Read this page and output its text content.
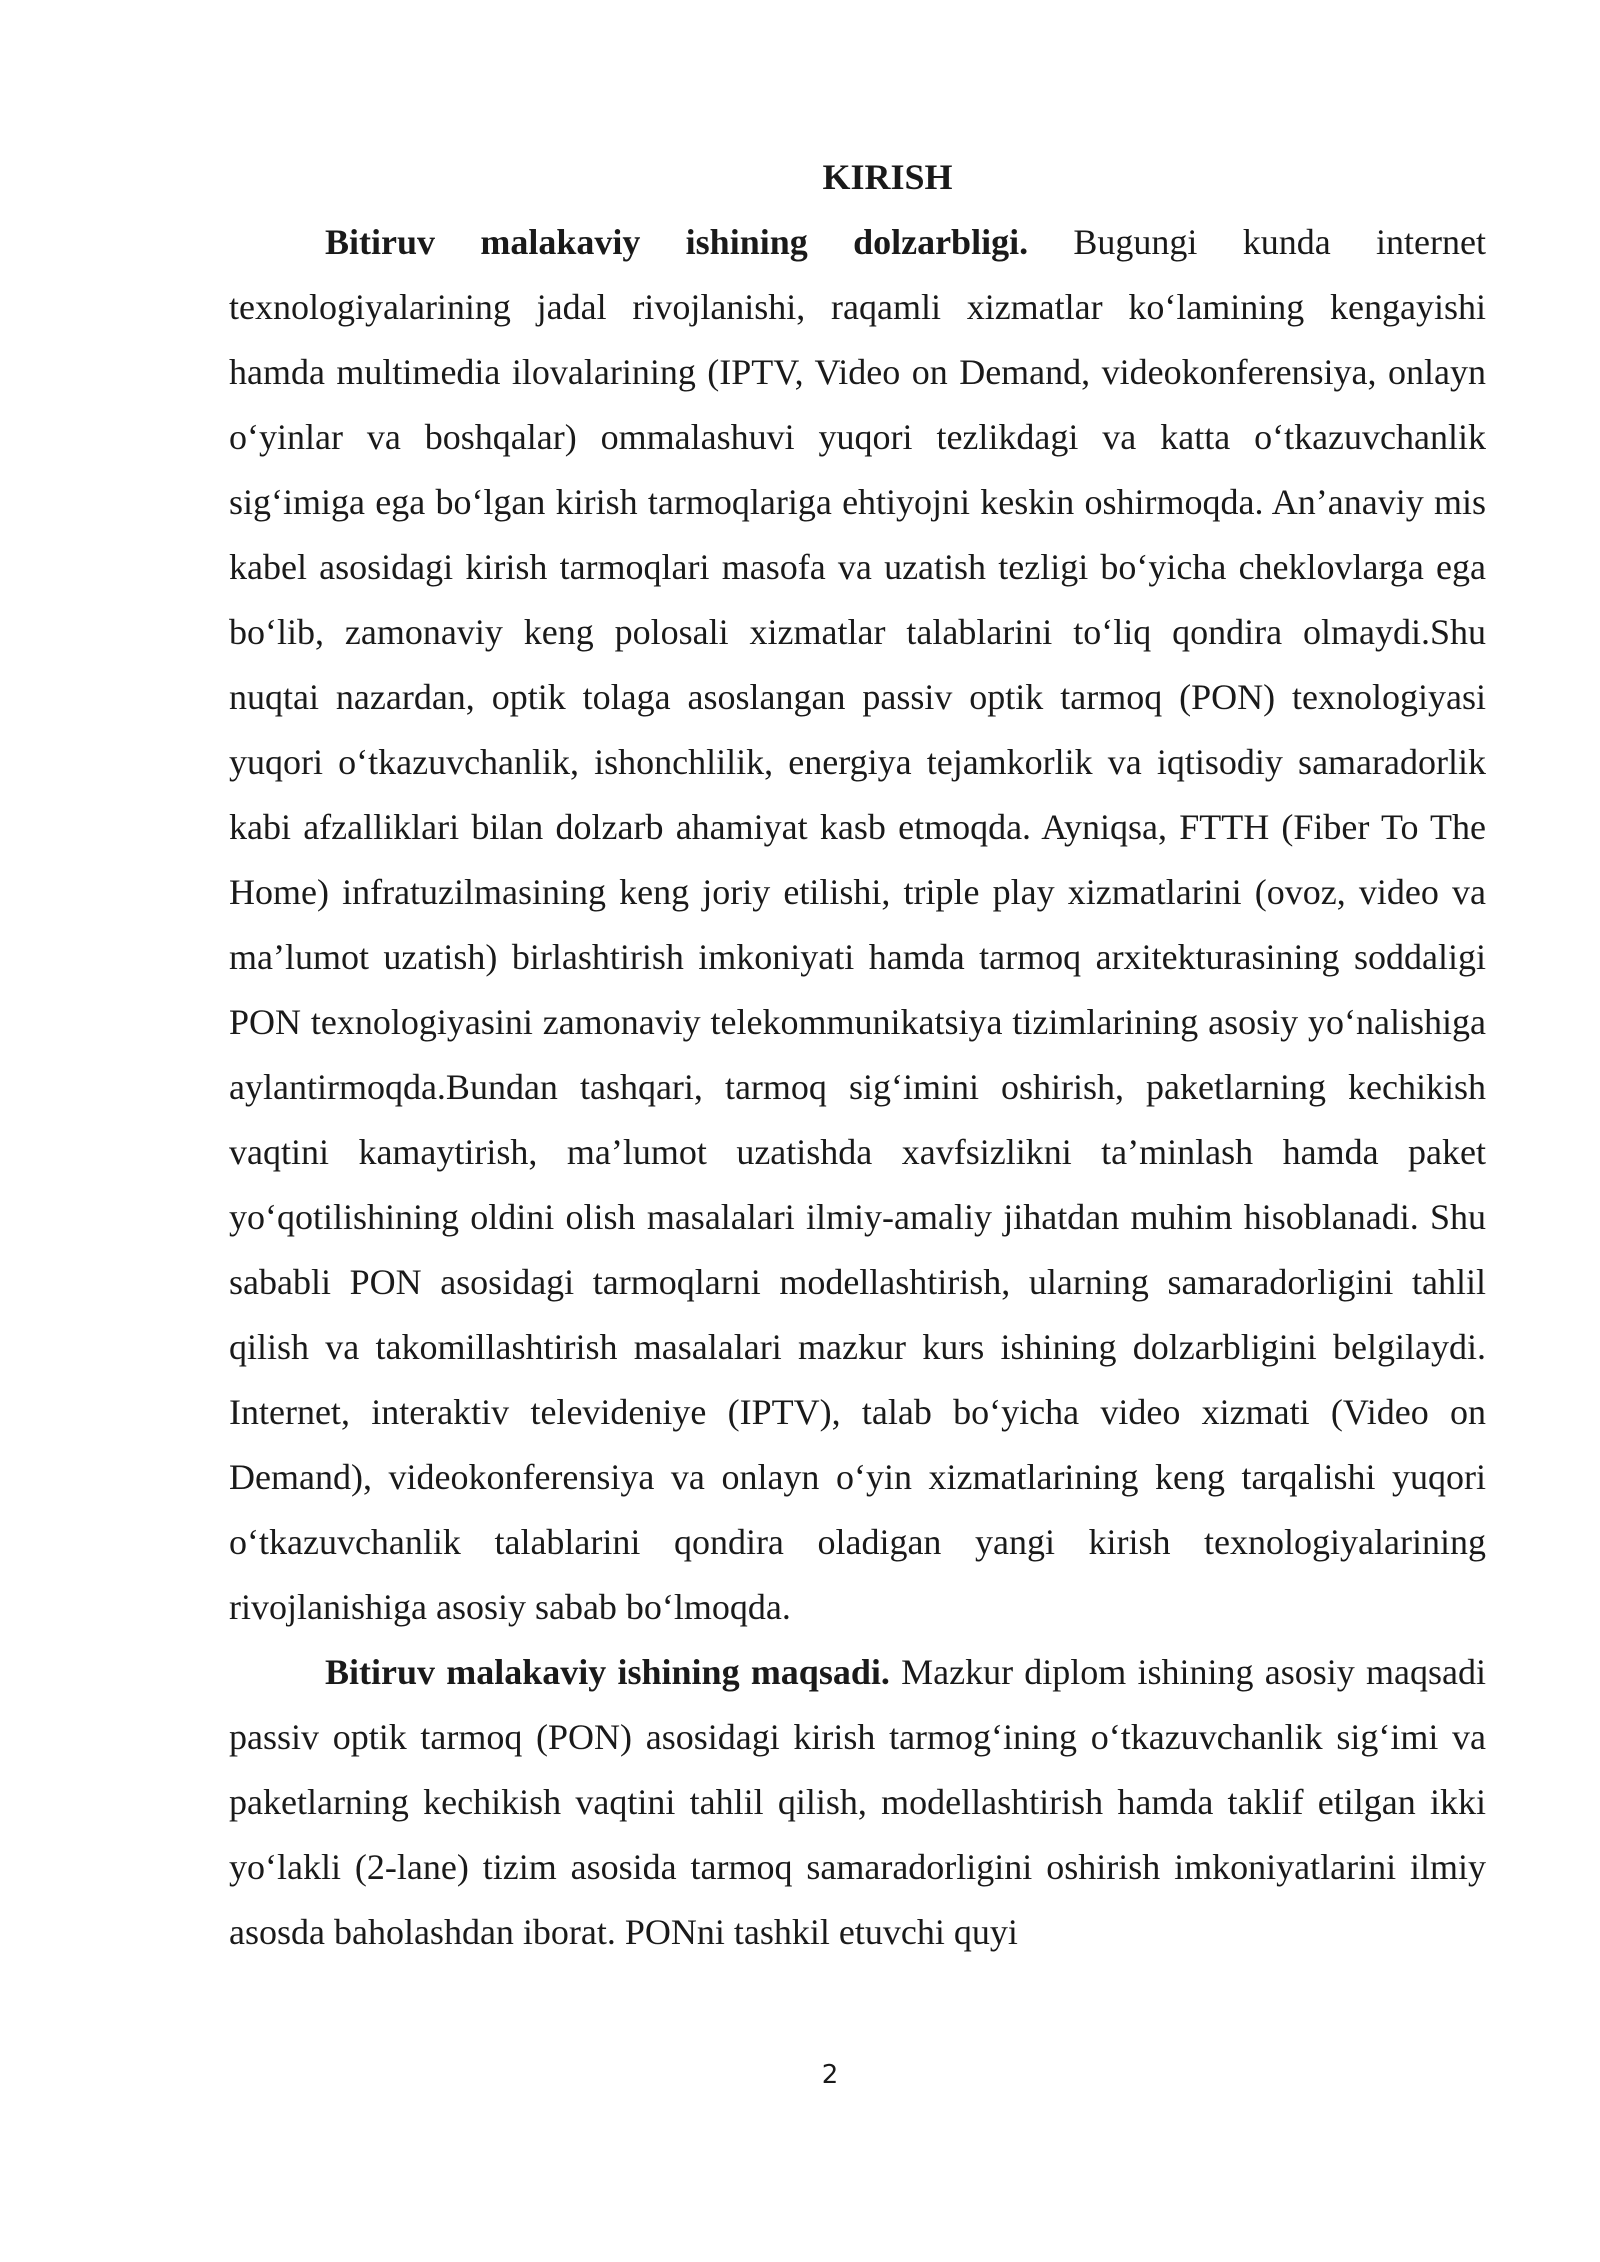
KIRISH

Bitiruv malakaviy ishining dolzarbligi. Bugungi kunda internet texnologiyalarining jadal rivojlanishi, raqamli xizmatlar koʻlamining kengayishi hamda multimedia ilovalarining (IPTV, Video on Demand, videokonferensiya, onlayn oʻyinlar va boshqalar) ommalashuvi yuqori tezlikdagi va katta oʻtkazuvchanlik sigʻimiga ega boʻlgan kirish tarmoqlariga ehtiyojni keskin oshirmoqda. An’anaviy mis kabel asosidagi kirish tarmoqlari masofa va uzatish tezligi boʻyicha cheklovlarga ega boʻlib, zamonaviy keng polosali xizmatlar talablarini toʻliq qondira olmaydi.Shu nuqtai nazardan, optik tolaga asoslangan passiv optik tarmoq (PON) texnologiyasi yuqori oʻtkazuvchanlik, ishonchlilik, energiya tejamkorlik va iqtisodiy samaradorlik kabi afzalliklari bilan dolzarb ahamiyat kasb etmoqda. Ayniqsa, FTTH (Fiber To The Home) infratuzilmasining keng joriy etilishi, triple play xizmatlarini (ovoz, video va ma’lumot uzatish) birlashtirish imkoniyati hamda tarmoq arxitekturasining soddaligi PON texnologiyasini zamonaviy telekommunikatsiya tizimlarining asosiy yoʻnalishiga aylantirmoqda.Bundan tashqari, tarmoq sigʻimini oshirish, paketlarning kechikish vaqtini kamaytirish, ma’lumot uzatishda xavfsizlikni ta’minlash hamda paket yoʻqotilishining oldini olish masalalari ilmiy-amaliy jihatdan muhim hisoblanadi. Shu sababli PON asosidagi tarmoqlarni modellashtirish, ularning samaradorligini tahlil qilish va takomillashtirish masalalari mazkur kurs ishining dolzarbligini belgilaydi. Internet, interaktiv televideniye (IPTV), talab boʻyicha video xizmati (Video on Demand), videokonferensiya va onlayn oʻyin xizmatlarining keng tarqalishi yuqori oʻtkazuvchanlik talablarini qondira oladigan yangi kirish texnologiyalarining rivojlanishiga asosiy sabab boʻlmoqda.

Bitiruv malakaviy ishining maqsadi. Mazkur diplom ishining asosiy maqsadi passiv optik tarmoq (PON) asosidagi kirish tarmogʻining oʻtkazuvchanlik sigʻimi va paketlarning kechikish vaqtini tahlil qilish, modellashtirish hamda taklif etilgan ikki yoʻlakli (2-lane) tizim asosida tarmoq samaradorligini oshirish imkoniyatlarini ilmiy asosda baholashdan iborat. PONni tashkil etuvchi quyi

2
